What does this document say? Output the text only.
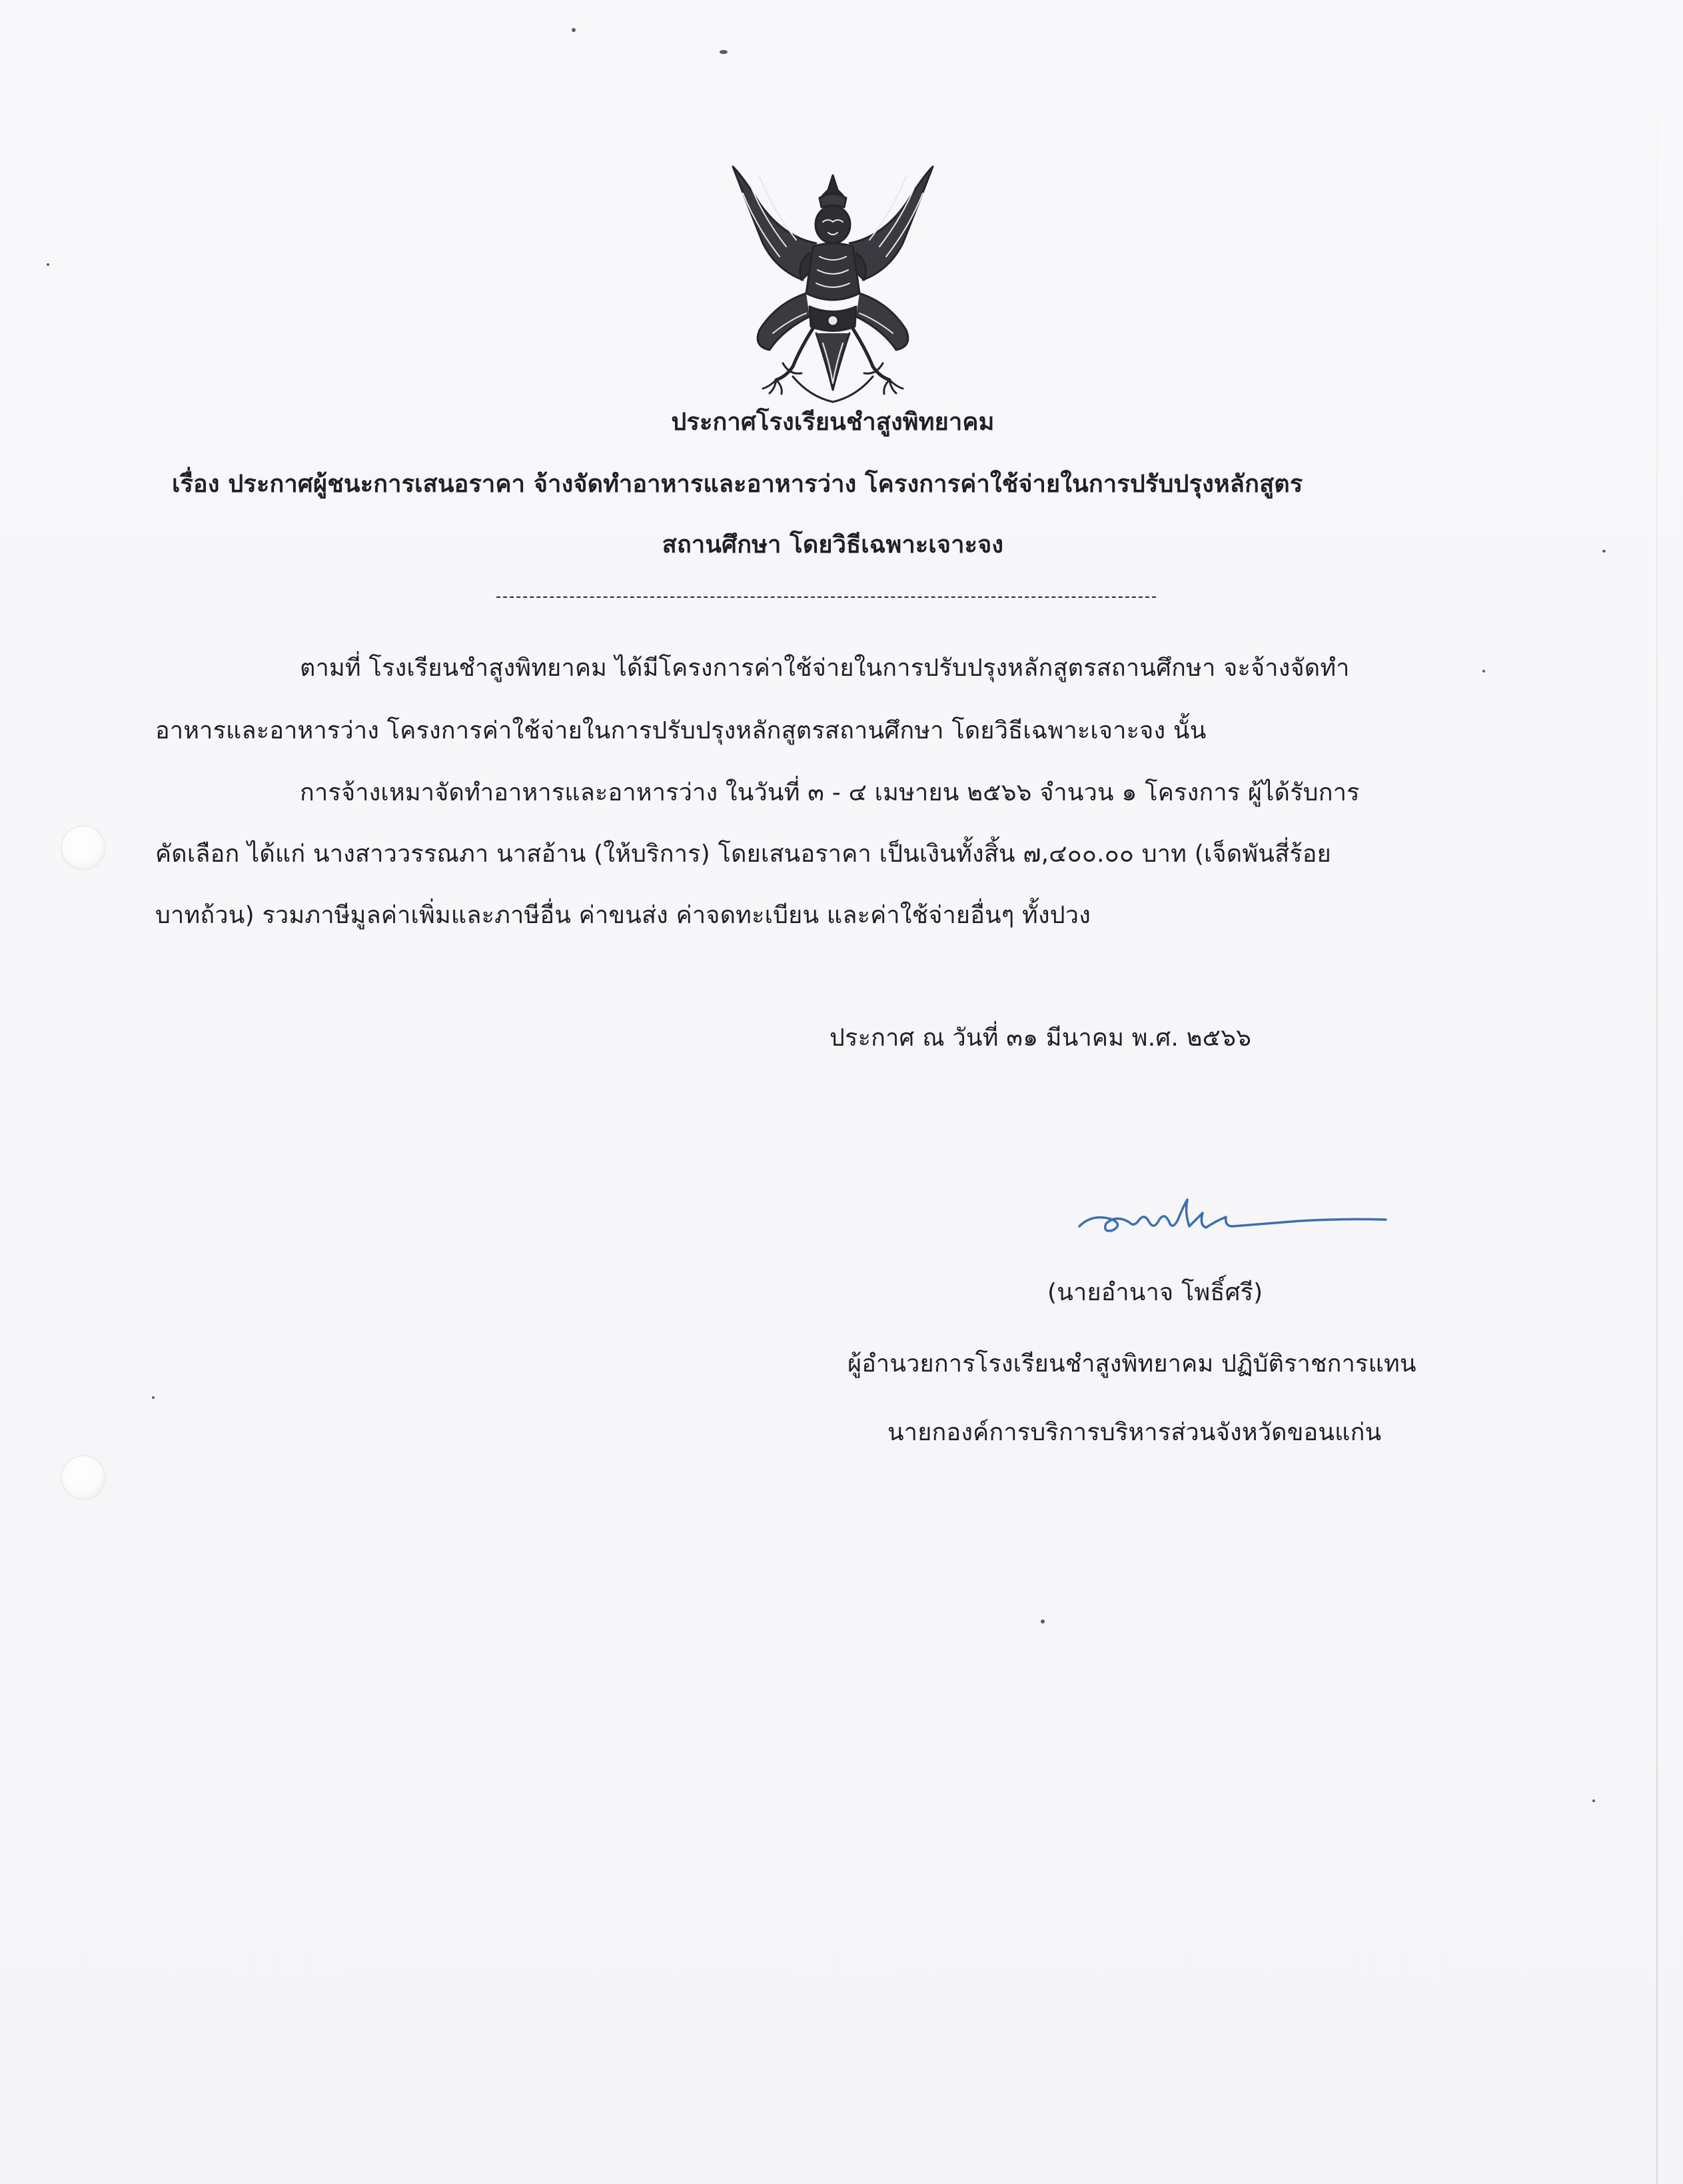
ประกาศโรงเรียนชำสูงพิทยาคม
เรื่อง ประกาศผู้ชนะการเสนอราคา จ้างจัดทำอาหารและอาหารว่าง โครงการค่าใช้จ่ายในการปรับปรุงหลักสูตร
สถานศึกษา โดยวิธีเฉพาะเจาะจง
ตามที่ โรงเรียนชำสูงพิทยาคม ได้มีโครงการค่าใช้จ่ายในการปรับปรุงหลักสูตรสถานศึกษา จะจ้างจัดทำ
อาหารและอาหารว่าง โครงการค่าใช้จ่ายในการปรับปรุงหลักสูตรสถานศึกษา โดยวิธีเฉพาะเจาะจง นั้น
การจ้างเหมาจัดทำอาหารและอาหารว่าง ในวันที่ ๓ - ๔ เมษายน ๒๕๖๖ จำนวน ๑ โครงการ ผู้ได้รับการ
คัดเลือก ได้แก่ นางสาววรรณภา นาสอ้าน (ให้บริการ) โดยเสนอราคา เป็นเงินทั้งสิ้น ๗,๔๐๐.๐๐ บาท (เจ็ดพันสี่ร้อย
บาทถ้วน) รวมภาษีมูลค่าเพิ่มและภาษีอื่น ค่าขนส่ง ค่าจดทะเบียน และค่าใช้จ่ายอื่นๆ ทั้งปวง
ประกาศ ณ วันที่ ๓๑ มีนาคม พ.ศ. ๒๕๖๖
(นายอำนาจ โพธิ์ศรี)
ผู้อำนวยการโรงเรียนชำสูงพิทยาคม ปฏิบัติราชการแทน
นายกองค์การบริการบริหารส่วนจังหวัดขอนแก่น
